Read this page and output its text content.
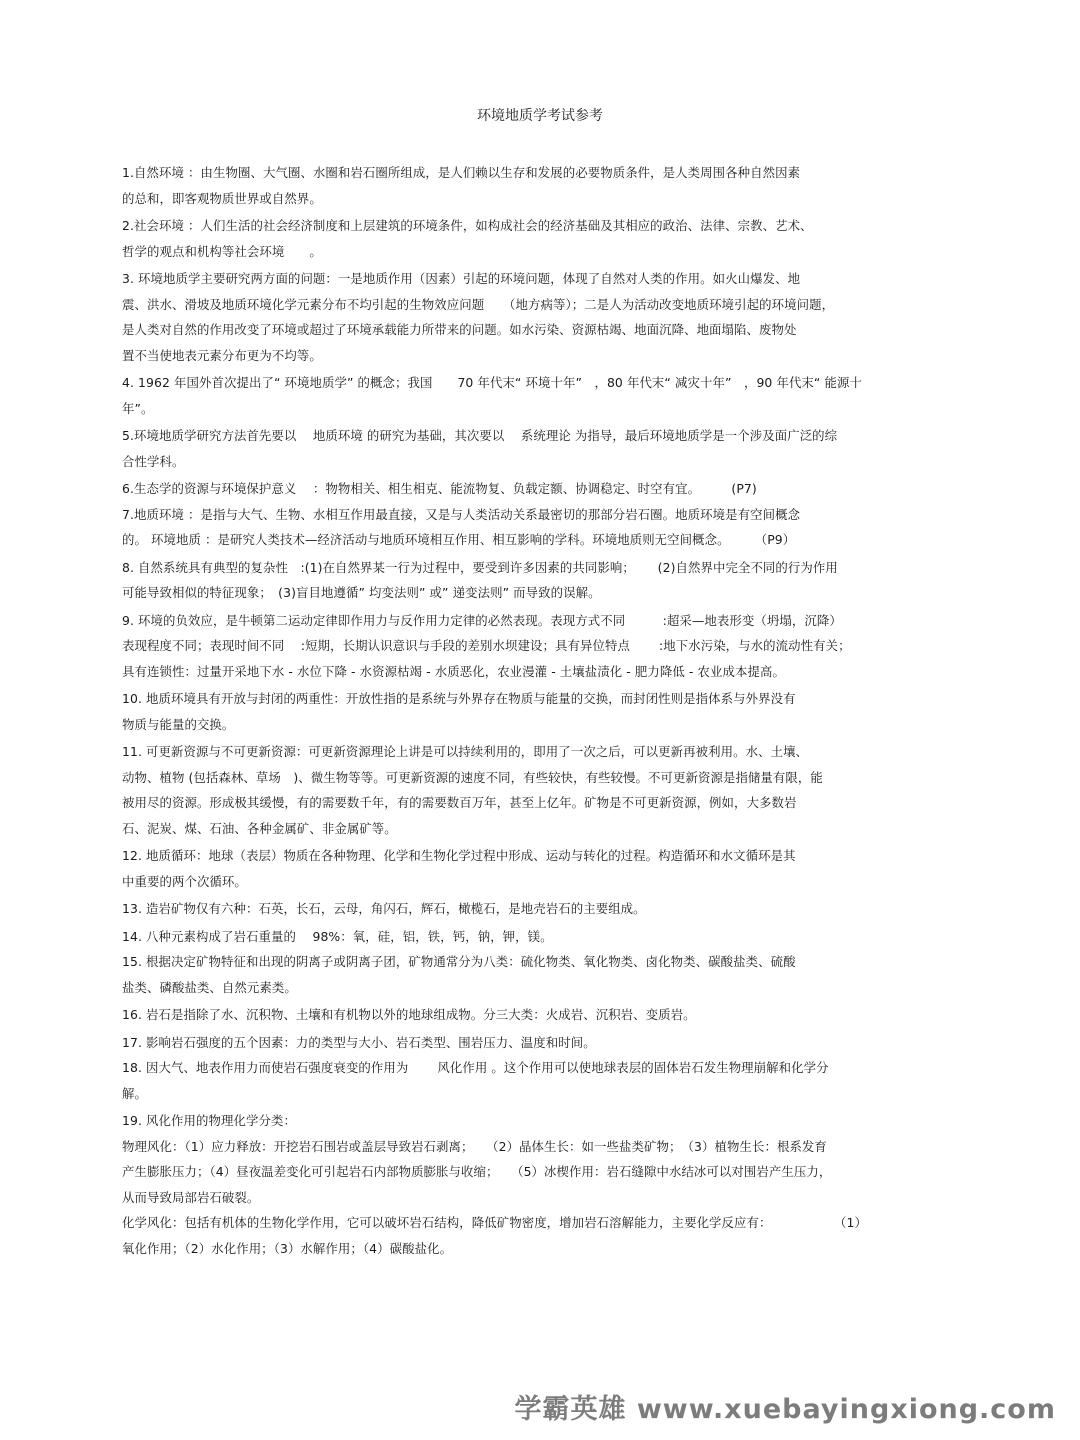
环境地质学考试参考
1.自然环境 ：由生物圈、大气圈、水圈和岩石圈所组成，是人们赖以生存和发展的必要物质条件，是人类周围各种自然因素
的总和，即客观物质世界或自然界。
2.社会环境 ：人们生活的社会经济制度和上层建筑的环境条件，如构成社会的经济基础及其相应的政治、法律、宗教、艺术、
哲学的观点和机构等社会环境　　。
3. 环境地质学主要研究两方面的问题：一是地质作用（因素）引起的环境问题，体现了自然对人类的作用。如火山爆发、地
震、洪水、滑坡及地质环境化学元素分布不均引起的生物效应问题　　（地方病等）；二是人为活动改变地质环境引起的环境问题，
是人类对自然的作用改变了环境或超过了环境承载能力所带来的问题。如水污染、资源枯竭、地面沉降、地面塌陷、废物处
置不当使地表元素分布更为不均等。
4. 1962 年国外首次提出了“ 环境地质学” 的概念；我国　　70 年代末“ 环境十年”　，80 年代末“ 减灾十年”　，90 年代末“ 能源十
年”。
5.环境地质学研究方法首先要以　 地质环境 的研究为基础，其次要以　 系统理论 为指导，最后环境地质学是一个涉及面广泛的综
合性学科。
6.生态学的资源与环境保护意义　 ：物物相关、相生相克、能流物复、负载定额、协调稳定、时空有宜。　　　(P7)
7.地质环境 ：是指与大气、生物、水相互作用最直接，又是与人类活动关系最密切的那部分岩石圈。地质环境是有空间概念
的。 环境地质 ：是研究人类技术—经济活动与地质环境相互作用、相互影响的学科。环境地质则无空间概念。　　　（P9）
8. 自然系统具有典型的复杂性　:(1)在自然界某一行为过程中，要受到许多因素的共同影响；　　 (2)自然界中完全不同的行为作用
可能导致相似的特征现象；　(3)盲目地遵循” 均变法则” 或” 递变法则” 而导致的误解。
9. 环境的负效应，是牛顿第二运动定律即作用力与反作用力定律的必然表现。表现方式不同　　　:超采—地表形变（坍塌，沉降）
表现程度不同；表现时间不同　 :短期，长期认识意识与手段的差别水坝建设；具有异位特点　　 :地下水污染，与水的流动性有关；
具有连锁性：过量开采地下水 - 水位下降 - 水资源枯竭 - 水质恶化，农业漫灌 - 土壤盐渍化 - 肥力降低 - 农业成本提高。
10. 地质环境具有开放与封闭的两重性：开放性指的是系统与外界存在物质与能量的交换，而封闭性则是指体系与外界没有
物质与能量的交换。
11. 可更新资源与不可更新资源：可更新资源理论上讲是可以持续利用的，即用了一次之后，可以更新再被利用。水、土壤、
动物、植物 (包括森林、草场　)、微生物等等。可更新资源的速度不同，有些较快，有些较慢。不可更新资源是指储量有限，能
被用尽的资源。形成极其缓慢，有的需要数千年，有的需要数百万年，甚至上亿年。矿物是不可更新资源，例如，大多数岩
石、泥炭、煤、石油、各种金属矿、非金属矿等。
12. 地质循环：地球（表层）物质在各种物理、化学和生物化学过程中形成、运动与转化的过程。构造循环和水文循环是其
中重要的两个次循环。
13. 造岩矿物仅有六种：石英，长石，云母，角闪石，辉石，橄榄石，是地壳岩石的主要组成。
14. 八种元素构成了岩石重量的　 98%：氧，硅，铝，铁，钙，钠，钾，镁。
15. 根据决定矿物特征和出现的阴离子或阴离子团，矿物通常分为八类：硫化物类、氧化物类、卤化物类、碳酸盐类、硫酸
盐类、磷酸盐类、自然元素类。
16. 岩石是指除了水、沉积物、土壤和有机物以外的地球组成物。分三大类：火成岩、沉积岩、变质岩。
17. 影响岩石强度的五个因素：力的类型与大小、岩石类型、围岩压力、温度和时间。
18. 因大气、地表作用力而使岩石强度衰变的作用为　　 风化作用 。这个作用可以使地球表层的固体岩石发生物理崩解和化学分
解。
19. 风化作用的物理化学分类：
物理风化：（1）应力释放：开挖岩石围岩或盖层导致岩石剥离；　　（2）晶体生长：如一些盐类矿物；　（3）植物生长：根系发育
产生膨胀压力；（4）昼夜温差变化可引起岩石内部物质膨胀与收缩；　　（5）冰楔作用：岩石缝隙中水结冰可以对围岩产生压力，
从而导致局部岩石破裂。
化学风化：包括有机体的生物化学作用，它可以破坏岩石结构，降低矿物密度，增加岩石溶解能力，主要化学反应有：　　　　　　（1）
氧化作用；（2）水化作用；（3）水解作用；（4）碳酸盐化。
学霸英雄 www.xuebayingxiong.com
